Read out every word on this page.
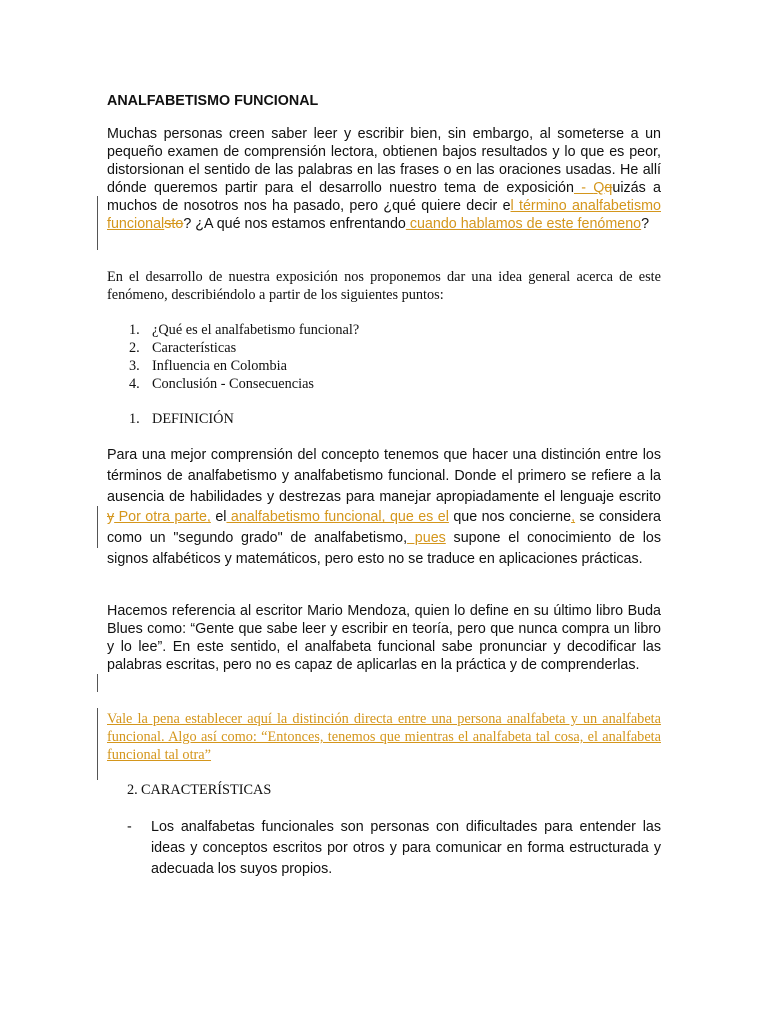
ANALFABETISMO FUNCIONAL

Muchas personas creen saber leer y escribir bien, sin embargo, al someterse a un pequeño examen de comprensión lectora, obtienen bajos resultados y lo que es peor, distorsionan el sentido de las palabras en las frases o en las oraciones usadas. He allí dónde queremos partir para el desarrollo nuestro tema de exposición - Qquizás a muchos de nosotros nos ha pasado, pero ¿qué quiere decir el término analfabetismo funcionalsto? ¿A qué nos estamos enfrentando cuando hablamos de este fenómeno?

En el desarrollo de nuestra exposición nos proponemos dar una idea general acerca de este fenómeno, describiéndolo a partir de los siguientes puntos:

1. ¿Qué es el analfabetismo funcional?
2. Características
3. Influencia en Colombia
4. Conclusión - Consecuencias
1. DEFINICIÓN

Para una mejor comprensión del concepto tenemos que hacer una distinción entre los términos de analfabetismo y analfabetismo funcional. Donde el primero se refiere a la ausencia de habilidades y destrezas para manejar apropiadamente el lenguaje escrito y Por otra parte, el analfabetismo funcional, que es el que nos concierne, se considera como un "segundo grado" de analfabetismo, pues supone el conocimiento de los signos alfabéticos y matemáticos, pero esto no se traduce en aplicaciones prácticas.

Hacemos referencia al escritor Mario Mendoza, quien lo define en su último libro Buda Blues como: “Gente que sabe leer y escribir en teoría, pero que nunca compra un libro y lo lee”. En este sentido, el analfabeta funcional sabe pronunciar y decodificar las palabras escritas, pero no es capaz de aplicarlas en la práctica y de comprenderlas.

Vale la pena establecer aquí la distinción directa entre una persona analfabeta y un analfabeta funcional. Algo así como: “Entonces, tenemos que mientras el analfabeta tal cosa, el analfabeta funcional tal otra”

2. CARACTERÍSTICAS
-	Los analfabetas funcionales son personas con dificultades para entender las ideas y conceptos escritos por otros y para comunicar en forma estructurada y adecuada los suyos propios.
